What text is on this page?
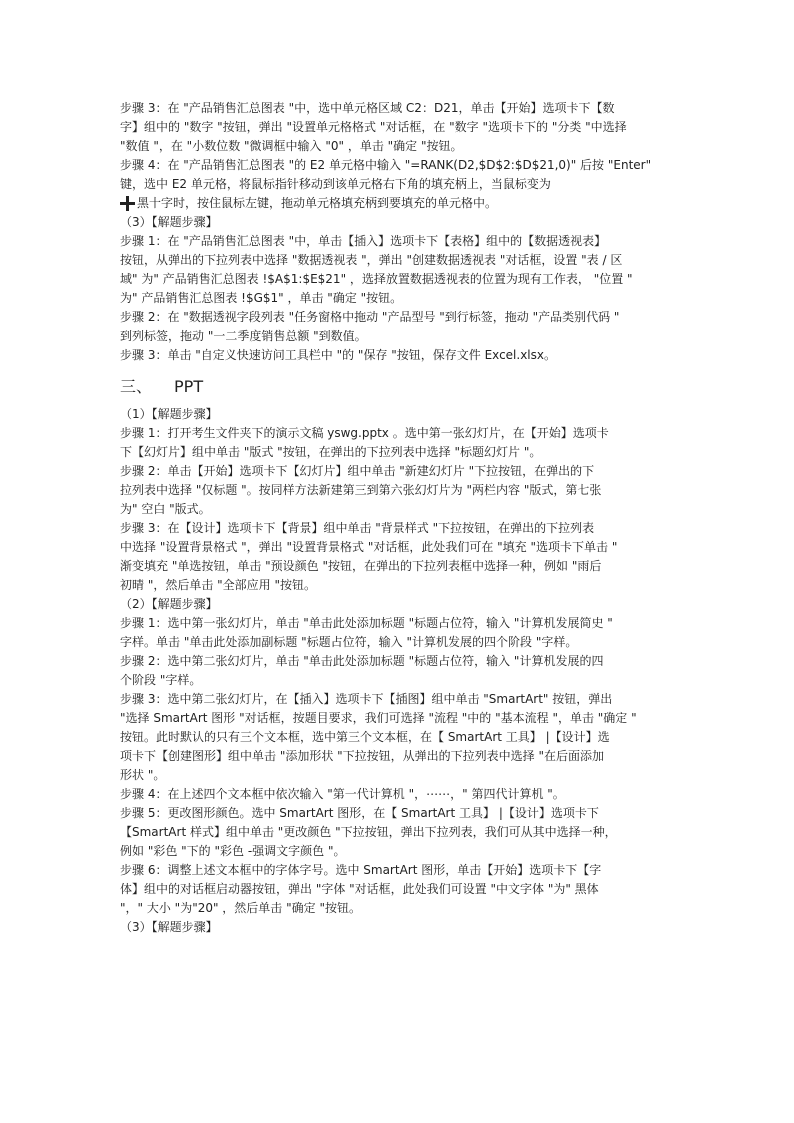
步骤 3：在 "产品销售汇总图表 "中，选中单元格区域 C2：D21，单击【开始】选项卡下【数

字】组中的 "数字 "按钮，弹出 "设置单元格格式 "对话框，在 "数字 "选项卡下的 "分类 "中选择

"数值 "，在 "小数位数 "微调框中输入 "0" ，单击 "确定 "按钮。

步骤 4：在 "产品销售汇总图表 "的 E2 单元格中输入 "=RANK(D2,$D$2:$D$21,0)" 后按 "Enter"

键，选中 E2 单元格，将鼠标指针移动到该单元格右下角的填充柄上，当鼠标变为

黑十字时，按住鼠标左键，拖动单元格填充柄到要填充的单元格中。

（3）【解题步骤】

步骤 1：在 "产品销售汇总图表 "中，单击【插入】选项卡下【表格】组中的【数据透视表】

按钮，从弹出的下拉列表中选择 "数据透视表 "，弹出 "创建数据透视表 "对话框，设置 "表 / 区

域" 为" 产品销售汇总图表 !$A$1:$E$21" ，选择放置数据透视表的位置为现有工作表， "位置 "

为" 产品销售汇总图表 !$G$1" ，单击 "确定 "按钮。

步骤 2：在 "数据透视字段列表 "任务窗格中拖动 "产品型号 "到行标签，拖动 "产品类别代码 "

到列标签，拖动 "一二季度销售总额 "到数值。

步骤 3：单击 "自定义快速访问工具栏中 "的 "保存 "按钮，保存文件 Excel.xlsx。

三、 PPT

（1）【解题步骤】

步骤 1：打开考生文件夹下的演示文稿 yswg.pptx 。选中第一张幻灯片，在【开始】选项卡

下【幻灯片】组中单击 "版式 "按钮，在弹出的下拉列表中选择 "标题幻灯片 "。

步骤 2：单击【开始】选项卡下【幻灯片】组中单击 "新建幻灯片 "下拉按钮，在弹出的下

拉列表中选择 "仅标题 "。按同样方法新建第三到第六张幻灯片为 "两栏内容 "版式，第七张

为" 空白 "版式。

步骤 3：在【设计】选项卡下【背景】组中单击 "背景样式 "下拉按钮，在弹出的下拉列表

中选择 "设置背景格式 "，弹出 "设置背景格式 "对话框，此处我们可在 "填充 "选项卡下单击 "

渐变填充 "单选按钮，单击 "预设颜色 "按钮，在弹出的下拉列表框中选择一种，例如 "雨后

初晴 "，然后单击 "全部应用 "按钮。

（2）【解题步骤】

步骤 1：选中第一张幻灯片，单击 "单击此处添加标题 "标题占位符，输入 "计算机发展简史 "

字样。单击 "单击此处添加副标题 "标题占位符，输入 "计算机发展的四个阶段 "字样。

步骤 2：选中第二张幻灯片，单击 "单击此处添加标题 "标题占位符，输入 "计算机发展的四

个阶段 "字样。

步骤 3：选中第二张幻灯片，在【插入】选项卡下【插图】组中单击 "SmartArt" 按钮，弹出

"选择 SmartArt 图形 "对话框，按题目要求，我们可选择 "流程 "中的 "基本流程 "，单击 "确定 "

按钮。此时默认的只有三个文本框，选中第三个文本框，在【 SmartArt 工具】 |【设计】选

项卡下【创建图形】组中单击 "添加形状 "下拉按钮，从弹出的下拉列表中选择 "在后面添加

形状 "。

步骤 4：在上述四个文本框中依次输入 "第一代计算机 "，⋯⋯，" 第四代计算机 "。

步骤 5：更改图形颜色。选中 SmartArt 图形，在【 SmartArt 工具】 |【设计】选项卡下

【SmartArt 样式】组中单击 "更改颜色 "下拉按钮，弹出下拉列表，我们可从其中选择一种，

例如 "彩色 "下的 "彩色 -强调文字颜色 "。

步骤 6：调整上述文本框中的字体字号。选中 SmartArt 图形，单击【开始】选项卡下【字

体】组中的对话框启动器按钮，弹出 "字体 "对话框，此处我们可设置 "中文字体 "为" 黑体

"，" 大小 "为"20" ，然后单击 "确定 "按钮。

（3）【解题步骤】
